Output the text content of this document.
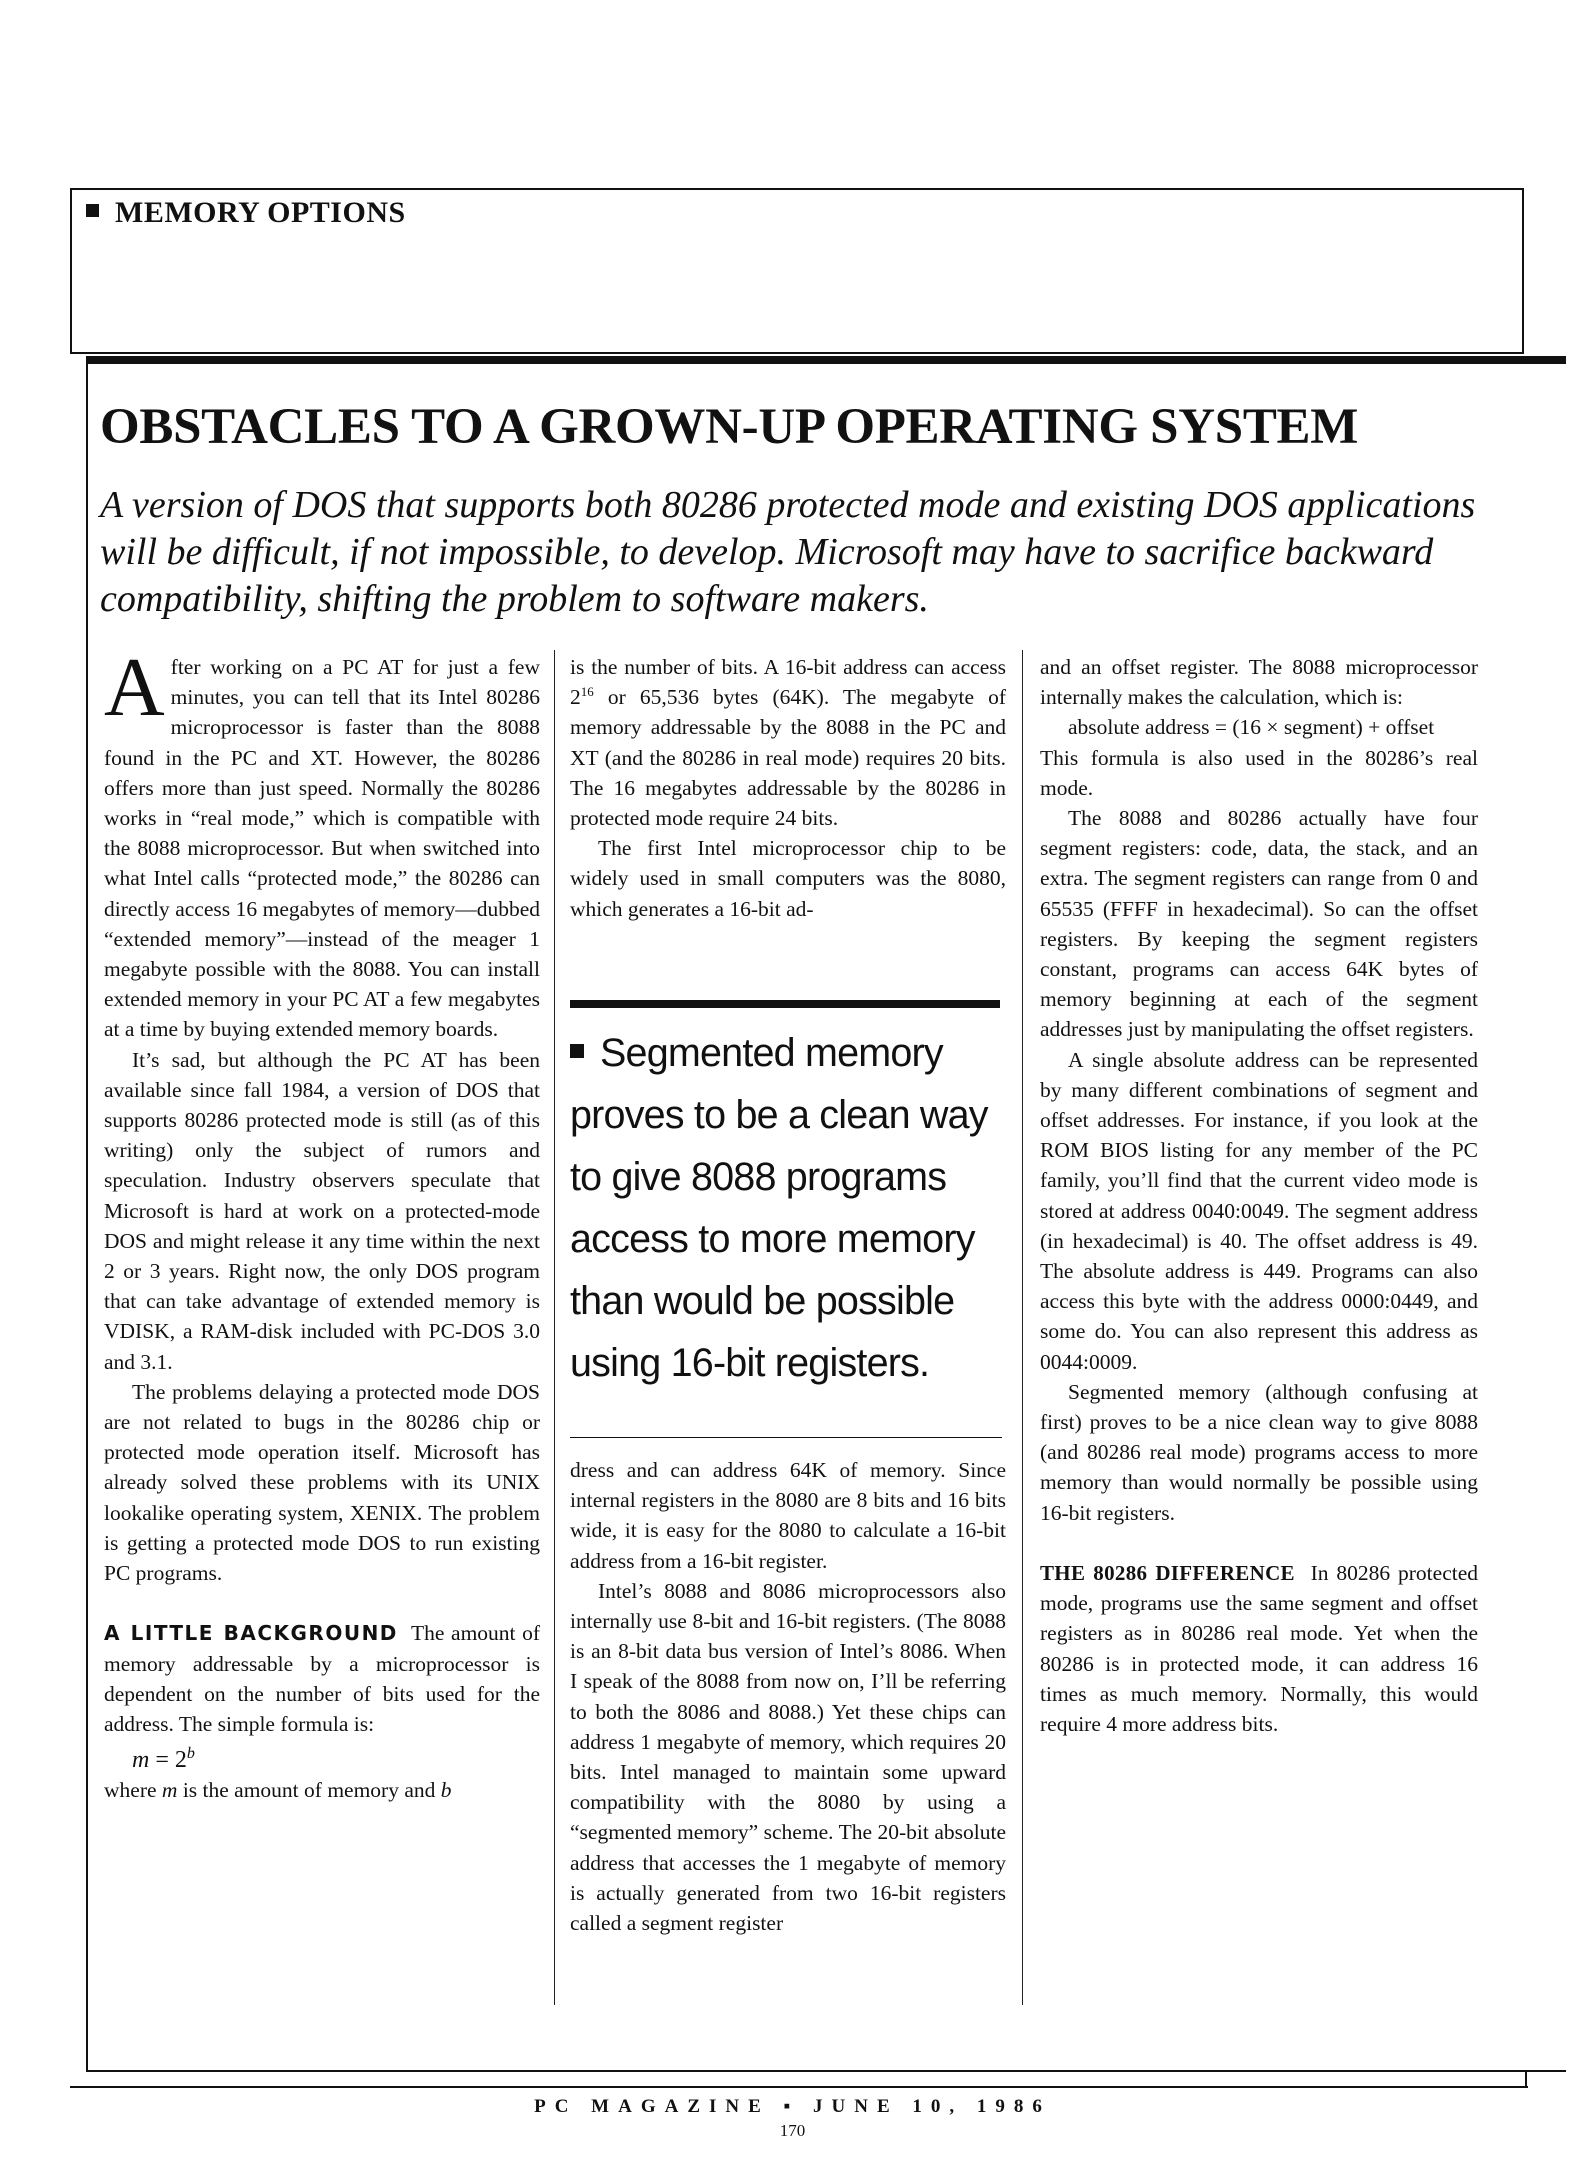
MEMORY OPTIONS
OBSTACLES TO A GROWN-UP OPERATING SYSTEM

A version of DOS that supports both 80286 protected mode and existing DOS applications will be difficult, if not impossible, to develop. Microsoft may have to sacrifice backward compatibility, shifting the problem to software makers.

After working on a PC AT for just a few minutes, you can tell that its Intel 80286 microprocessor is faster than the 8088 found in the PC and XT. However, the 80286 offers more than just speed. Normally the 80286 works in “real mode,” which is compatible with the 8088 microprocessor. But when switched into what Intel calls “protected mode,” the 80286 can directly access 16 megabytes of memory—dubbed “extended memory”—instead of the meager 1 megabyte possible with the 8088. You can install extended memory in your PC AT a few megabytes at a time by buying extended memory boards.

It’s sad, but although the PC AT has been available since fall 1984, a version of DOS that supports 80286 protected mode is still (as of this writing) only the subject of rumors and speculation. Industry observers speculate that Microsoft is hard at work on a protected-mode DOS and might release it any time within the next 2 or 3 years. Right now, the only DOS program that can take advantage of extended memory is VDISK, a RAM-disk included with PC-DOS 3.0 and 3.1.

The problems delaying a protected mode DOS are not related to bugs in the 80286 chip or protected mode operation itself. Microsoft has already solved these problems with its UNIX lookalike operating system, XENIX. The problem is getting a protected mode DOS to run existing PC programs.

A LITTLE BACKGROUND The amount of memory addressable by a microprocessor is dependent on the number of bits used for the address. The simple formula is:

$m = 2^b$

where m is the amount of memory and b

is the number of bits. A 16-bit address can access $2^{16}$ or 65,536 bytes (64K). The megabyte of memory addressable by the 8088 in the PC and XT (and the 80286 in real mode) requires 20 bits. The 16 megabytes addressable by the 80286 in protected mode require 24 bits.

The first Intel microprocessor chip to be widely used in small computers was the 8080, which generates a 16-bit ad-

Segmented memory proves to be a clean way to give 8088 programs access to more memory than would be possible using 16-bit registers.

dress and can address 64K of memory. Since internal registers in the 8080 are 8 bits and 16 bits wide, it is easy for the 8080 to calculate a 16-bit address from a 16-bit register.

Intel’s 8088 and 8086 microprocessors also internally use 8-bit and 16-bit registers. (The 8088 is an 8-bit data bus version of Intel’s 8086. When I speak of the 8088 from now on, I’ll be referring to both the 8086 and 8088.) Yet these chips can address 1 megabyte of memory, which requires 20 bits. Intel managed to maintain some upward compatibility with the 8080 by using a “segmented memory” scheme. The 20-bit absolute address that accesses the 1 megabyte of memory is actually generated from two 16-bit registers called a segment register

and an offset register. The 8088 microprocessor internally makes the calculation, which is:

absolute address = (16 × segment) + offset

This formula is also used in the 80286’s real mode.

The 8088 and 80286 actually have four segment registers: code, data, the stack, and an extra. The segment registers can range from 0 and 65535 (FFFF in hexadecimal). So can the offset registers. By keeping the segment registers constant, programs can access 64K bytes of memory beginning at each of the segment addresses just by manipulating the offset registers.

A single absolute address can be represented by many different combinations of segment and offset addresses. For instance, if you look at the ROM BIOS listing for any member of the PC family, you’ll find that the current video mode is stored at address 0040:0049. The segment address (in hexadecimal) is 40. The offset address is 49. The absolute address is 449. Programs can also access this byte with the address 0000:0449, and some do. You can also represent this address as 0044:0009.

Segmented memory (although confusing at first) proves to be a nice clean way to give 8088 (and 80286 real mode) programs access to more memory than would normally be possible using 16-bit registers.

THE 80286 DIFFERENCE In 80286 protected mode, programs use the same segment and offset registers as in 80286 real mode. Yet when the 80286 is in protected mode, it can address 16 times as much memory. Normally, this would require 4 more address bits.

PC MAGAZINE ▪ JUNE 10, 1986
170
